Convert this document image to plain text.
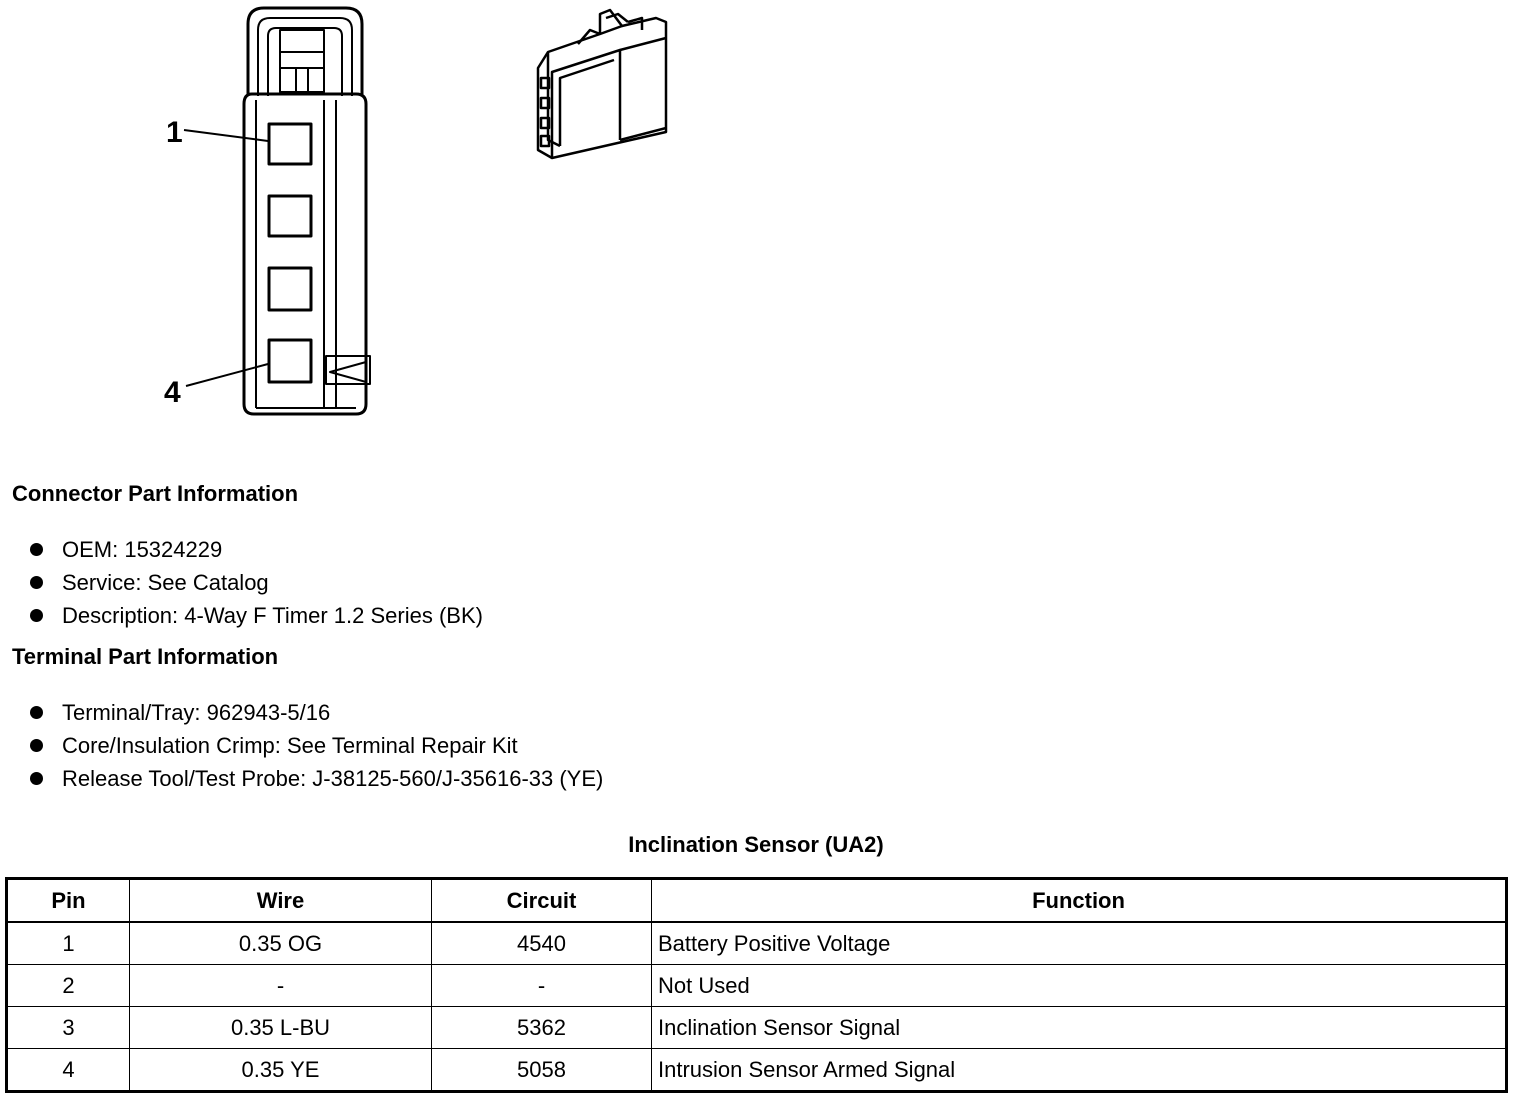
1
4
Connector Part Information
OEM: 15324229
Service: See Catalog
Description: 4-Way F Timer 1.2 Series (BK)
Terminal Part Information
Terminal/Tray: 962943-5/16
Core/Insulation Crimp: See Terminal Repair Kit
Release Tool/Test Probe: J-38125-560/J-35616-33 (YE)
Inclination Sensor (UA2)
Pin	Wire	Circuit	Function
1	0.35 OG	4540	Battery Positive Voltage
2	-	-	Not Used
3	0.35 L-BU	5362	Inclination Sensor Signal
4	0.35 YE	5058	Intrusion Sensor Armed Signal
